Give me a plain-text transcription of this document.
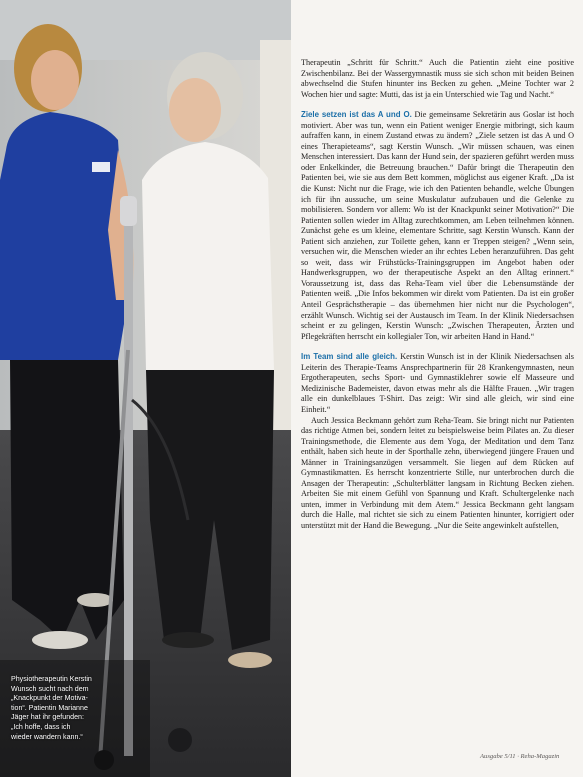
Physiotherapeutin Kerstin
Wunsch sucht nach dem
„Knackpunkt der Motiva-
tion“. Patientin Marianne
Jäger hat ihr gefunden:
„Ich hoffe, dass ich
wieder wandern kann.“

Therapeutin „Schritt für Schritt.“ Auch die Patientin zieht eine positive Zwischenbilanz. Bei der Wassergymnastik muss sie sich schon mit beiden Beinen abwechselnd die Stufen hinunter ins Becken zu gehen. „Meine Tochter war 2 Wochen hier und sagte: Mutti, das ist ja ein Unterschied wie Tag und Nacht.“

Ziele setzen ist das A und O. Die gemeinsame Sekretärin aus Goslar ist hoch motiviert. Aber was tun, wenn ein Patient weniger Energie mitbringt, sich kaum aufraffen kann, in einem Zustand etwas zu ändern? „Ziele setzen ist das A und O eines Therapieteams“, sagt Kerstin Wunsch. „Wir müssen schauen, was einen Menschen interessiert. Das kann der Hund sein, der spazieren geführt werden muss oder Enkelkinder, die Betreuung brauchen.“ Dafür bringt die Therapeutin den Patienten bei, wie sie aus dem Bett kommen, möglichst aus eigener Kraft. „Da ist die Kunst: Nicht nur die Frage, wie ich den Patienten behandle, welche Übungen ich für ihn aussuche, um seine Muskulatur aufzubauen und die Gelenke zu mobilisieren. Sondern vor allem: Wo ist der Knackpunkt seiner Motivation?“ Die Patienten sollen wieder im Alltag zurechtkommen, am Leben teilnehmen können. Zunächst gehe es um kleine, elementare Schritte, sagt Kerstin Wunsch. Kann der Patient sich anziehen, zur Toilette gehen, kann er Treppen steigen? „Wenn sein, versuchen wir, die Menschen wieder an ihr echtes Leben heranzuführen. Das geht so weit, dass wir Frühstücks-Trainingsgruppen im Angebot haben oder Handwerksgruppen, wo der therapeutische Aspekt an den Alltag erinnert.“ Voraussetzung ist, dass das Reha-Team viel über die Lebensumstände der Patienten weiß. „Die Infos bekommen wir direkt vom Patienten. Da ist ein großer Anteil Gesprächstherapie – das übernehmen hier nicht nur die Psychologen“, erzählt Wunsch. Wichtig sei der Austausch im Team. In der Klinik Niedersachsen scheint er zu gelingen, Kerstin Wunsch: „Zwischen Therapeuten, Ärzten und Pflegekräften herrscht ein kollegialer Ton, wir arbeiten Hand in Hand.“

Im Team sind alle gleich. Kerstin Wunsch ist in der Klinik Niedersachsen als Leiterin des Therapie-Teams Ansprechpartnerin für 28 Krankengymnasten, neun Ergotherapeuten, sechs Sport- und Gymnastiklehrer sowie elf Masseure und Medizinische Bademeister, davon etwas mehr als die Hälfte Frauen. „Wir tragen alle ein dunkelblaues T-Shirt. Das zeigt: Wir sind alle gleich, wir sind eine Einheit.“

Auch Jessica Beckmann gehört zum Reha-Team. Sie bringt nicht nur Patienten das richtige Atmen bei, sondern leitet zu beispielsweise beim Pilates an. Zu dieser Trainingsmethode, die Elemente aus dem Yoga, der Meditation und dem Tanz enthält, haben sich heute in der Sporthalle zehn, überwiegend jüngere Frauen und Männer in Trainingsanzügen versammelt. Sie liegen auf dem Rücken auf Gymnastikmatten. Es herrscht konzentrierte Stille, nur unterbrochen durch die Ansagen der Therapeutin: „Schulterblätter langsam in Richtung Becken ziehen. Arbeiten Sie mit einem Gefühl von Spannung und Kraft. Schultergelenke nach unten, immer in Verbindung mit dem Atem.“ Jessica Beckmann geht langsam durch die Halle, mal richtet sie sich zu einem Patienten hinunter, korrigiert oder unterstützt mit der Hand die Bewegung. „Nur die Seite angewinkelt aufstellen,

Ausgabe 5/11 · Reha-Magazin
